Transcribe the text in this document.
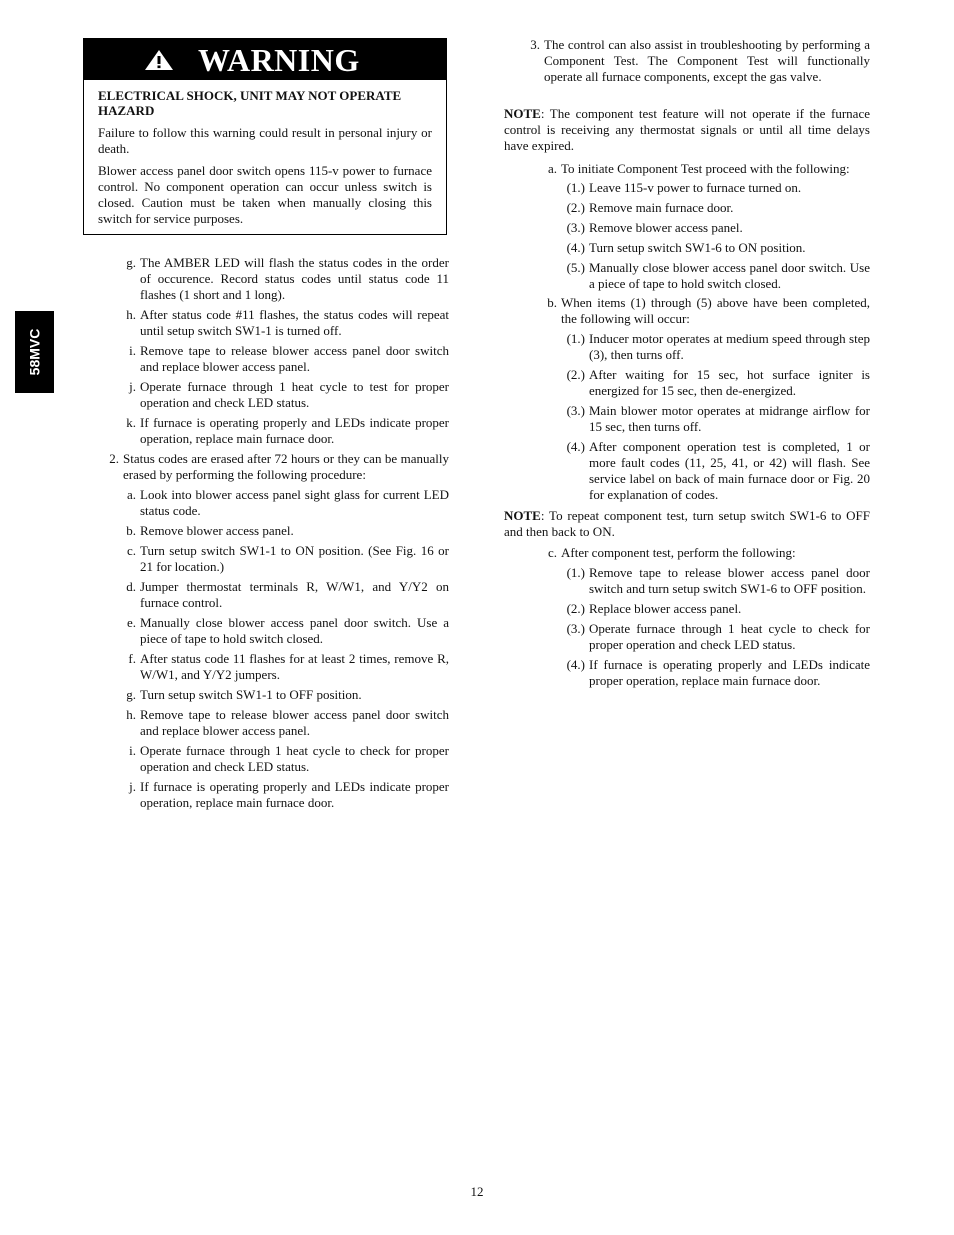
WARNING

ELECTRICAL SHOCK, UNIT MAY NOT OPERATE HAZARD

Failure to follow this warning could result in personal injury or death.

Blower access panel door switch opens 115-v power to furnace control. No component operation can occur unless switch is closed. Caution must be taken when manually closing this switch for service purposes.

58MVC
g. The AMBER LED will flash the status codes in the order of occurence. Record status codes until status code 11 flashes (1 short and 1 long).
h. After status code #11 flashes, the status codes will repeat until setup switch SW1-1 is turned off.
i. Remove tape to release blower access panel door switch and replace blower access panel.
j. Operate furnace through 1 heat cycle to test for proper operation and check LED status.
k. If furnace is operating properly and LEDs indicate proper operation, replace main furnace door.
2. Status codes are erased after 72 hours or they can be manually erased by performing the following procedure:
a. Look into blower access panel sight glass for current LED status code.
b. Remove blower access panel.
c. Turn setup switch SW1-1 to ON position. (See Fig. 16 or 21 for location.)
d. Jumper thermostat terminals R, W/W1, and Y/Y2 on furnace control.
e. Manually close blower access panel door switch. Use a piece of tape to hold switch closed.
f. After status code 11 flashes for at least 2 times, remove R, W/W1, and Y/Y2 jumpers.
g. Turn setup switch SW1-1 to OFF position.
h. Remove tape to release blower access panel door switch and replace blower access panel.
i. Operate furnace through 1 heat cycle to check for proper operation and check LED status.
j. If furnace is operating properly and LEDs indicate proper operation, replace main furnace door.
3. The control can also assist in troubleshooting by performing a Component Test. The Component Test will functionally operate all furnace components, except the gas valve.

NOTE: The component test feature will not operate if the furnace control is receiving any thermostat signals or until all time delays have expired.

a. To initiate Component Test proceed with the following:
(1.) Leave 115-v power to furnace turned on.
(2.) Remove main furnace door.
(3.) Remove blower access panel.
(4.) Turn setup switch SW1-6 to ON position.
(5.) Manually close blower access panel door switch. Use a piece of tape to hold switch closed.
b. When items (1) through (5) above have been completed, the following will occur:
(1.) Inducer motor operates at medium speed through step (3), then turns off.
(2.) After waiting for 15 sec, hot surface igniter is energized for 15 sec, then de-energized.
(3.) Main blower motor operates at midrange airflow for 15 sec, then turns off.
(4.) After component operation test is completed, 1 or more fault codes (11, 25, 41, or 42) will flash. See service label on back of main furnace door or Fig. 20 for explanation of codes.

NOTE: To repeat component test, turn setup switch SW1-6 to OFF and then back to ON.

c. After component test, perform the following:
(1.) Remove tape to release blower access panel door switch and turn setup switch SW1-6 to OFF position.
(2.) Replace blower access panel.
(3.) Operate furnace through 1 heat cycle to check for proper operation and check LED status.
(4.) If furnace is operating properly and LEDs indicate proper operation, replace main furnace door.
12
